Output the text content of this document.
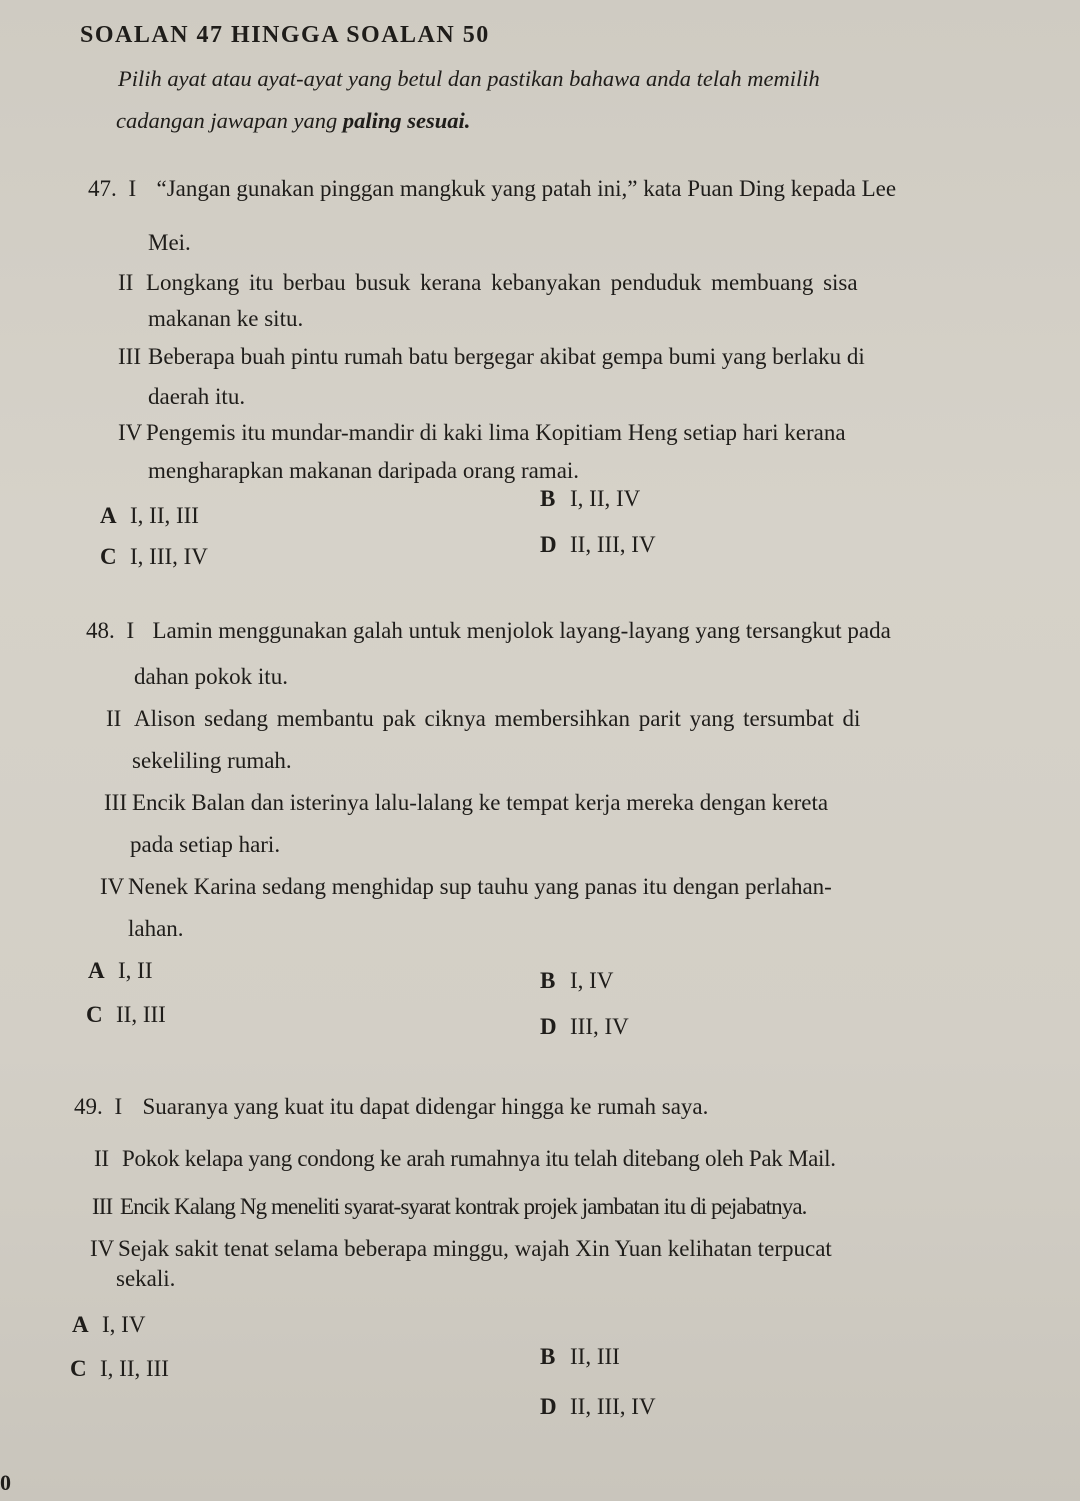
SOALAN 47 HINGGA SOALAN 50
Pilih ayat atau ayat-ayat yang betul dan pastikan bahawa anda telah memilih
cadangan jawapan yang paling sesuai.
47. I “Jangan gunakan pinggan mangkuk yang patah ini,” kata Puan Ding kepada Lee
Mei.
II Longkang itu berbau busuk kerana kebanyakan penduduk membuang sisa
makanan ke situ.
III Beberapa buah pintu rumah batu bergegar akibat gempa bumi yang berlaku di
daerah itu.
IV Pengemis itu mundar-mandir di kaki lima Kopitiam Heng setiap hari kerana
mengharapkan makanan daripada orang ramai.
A I, II, III
B I, II, IV
C I, III, IV	D II, III, IV
48. I Lamin menggunakan galah untuk menjolok layang-layang yang tersangkut pada
dahan pokok itu.
II Alison sedang membantu pak ciknya membersihkan parit yang tersumbat di
sekeliling rumah.
III Encik Balan dan isterinya lalu-lalang ke tempat kerja mereka dengan kereta
pada setiap hari.
IV Nenek Karina sedang menghidap sup tauhu yang panas itu dengan perlahan-
lahan.
A I, II	B I, IV
C II, III	D III, IV
49. I Suaranya yang kuat itu dapat didengar hingga ke rumah saya.
II Pokok kelapa yang condong ke arah rumahnya itu telah ditebang oleh Pak Mail.
III Encik Kalang Ng meneliti syarat-syarat kontrak projek jambatan itu di pejabatnya.
IV Sejak sakit tenat selama beberapa minggu, wajah Xin Yuan kelihatan terpucat
sekali.
A I, IV
B II, III
C I, II, III
D II, III, IV
0
